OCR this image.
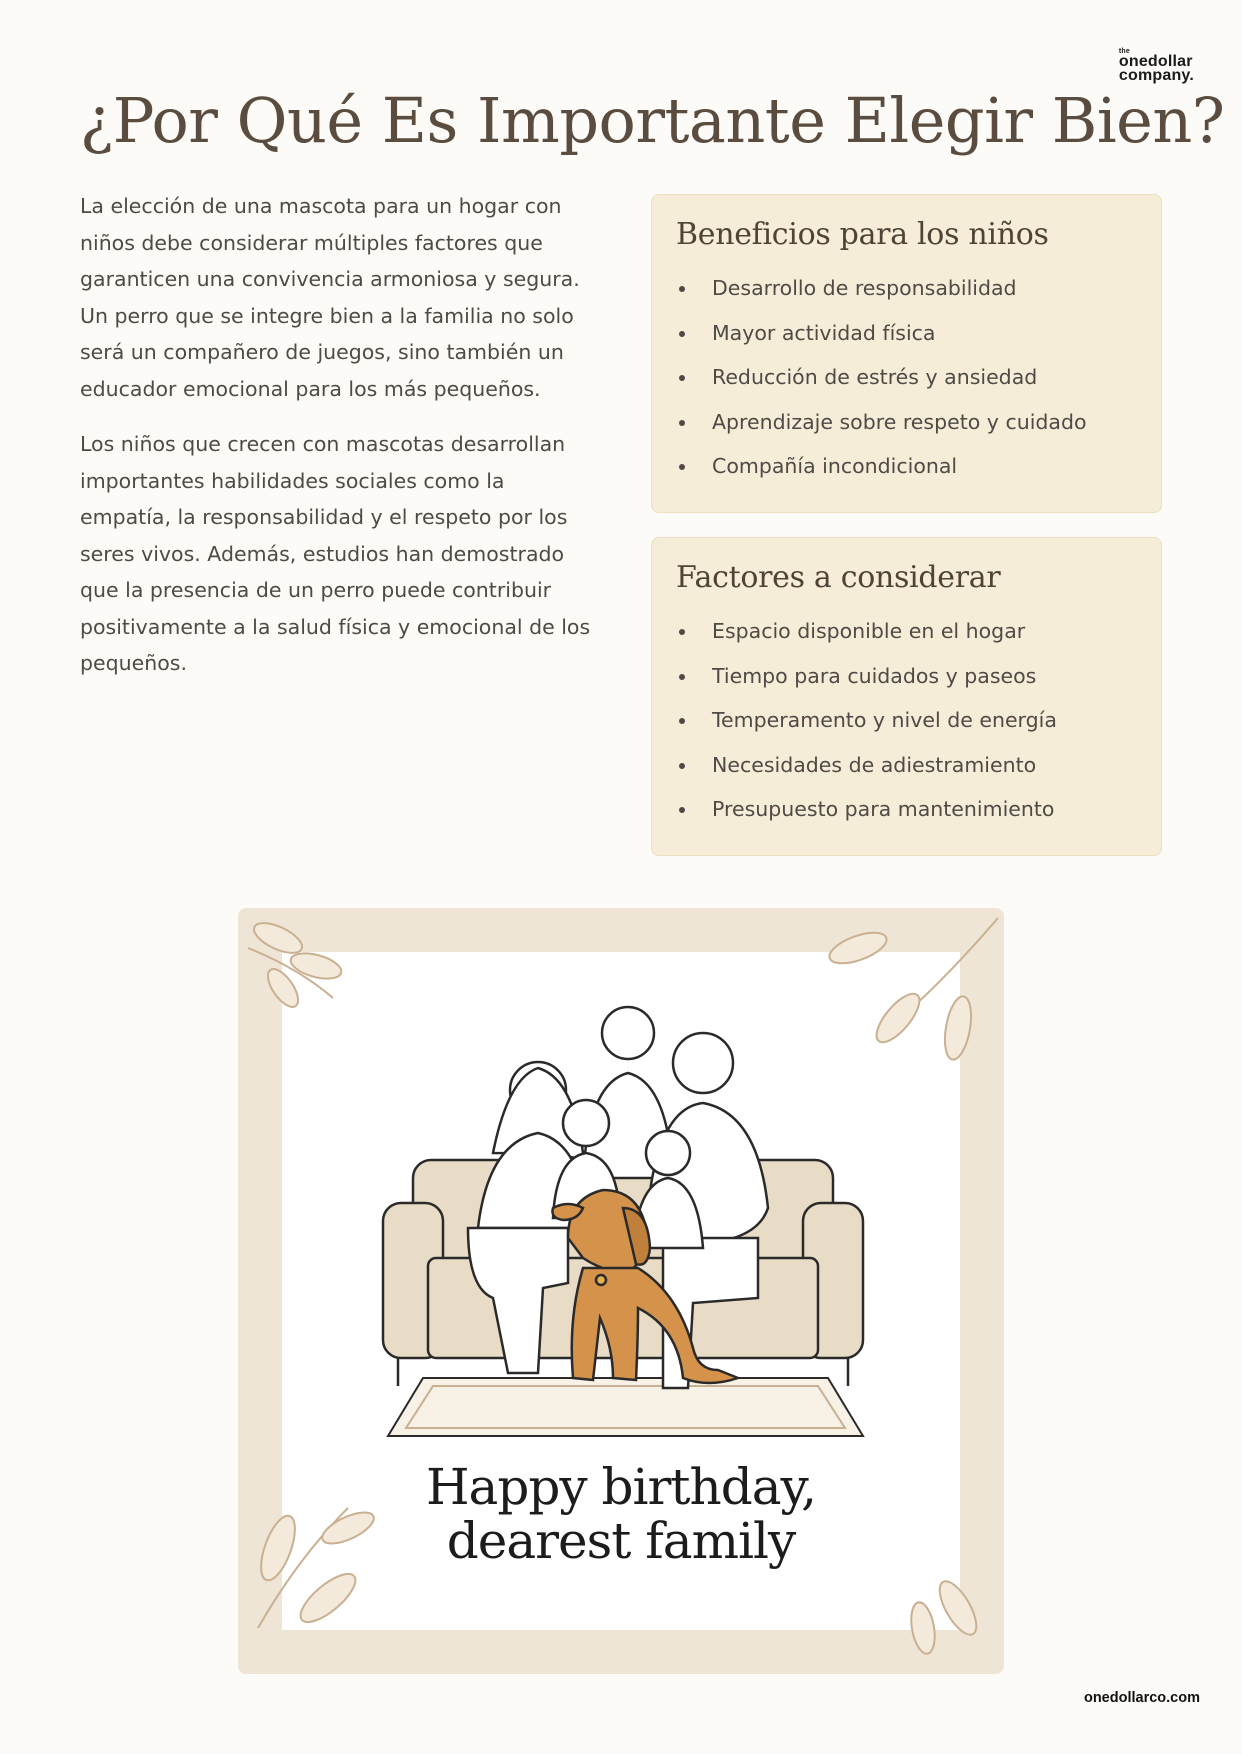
the
onedollar
company.
¿Por Qué Es Importante Elegir Bien?

La elección de una mascota para un hogar con niños debe considerar múltiples factores que garanticen una convivencia armoniosa y segura. Un perro que se integre bien a la familia no solo será un compañero de juegos, sino también un educador emocional para los más pequeños.

Los niños que crecen con mascotas desarrollan importantes habilidades sociales como la empatía, la responsabilidad y el respeto por los seres vivos. Además, estudios han demostrado que la presencia de un perro puede contribuir positivamente a la salud física y emocional de los pequeños.

Beneficios para los niños
Desarrollo de responsabilidad
Mayor actividad física
Reducción de estrés y ansiedad
Aprendizaje sobre respeto y cuidado
Compañía incondicional
Factores a considerar
Espacio disponible en el hogar
Tiempo para cuidados y paseos
Temperamento y nivel de energía
Necesidades de adiestramiento
Presupuesto para mantenimiento
Happy birthday,
dearest family
onedollarco.com
